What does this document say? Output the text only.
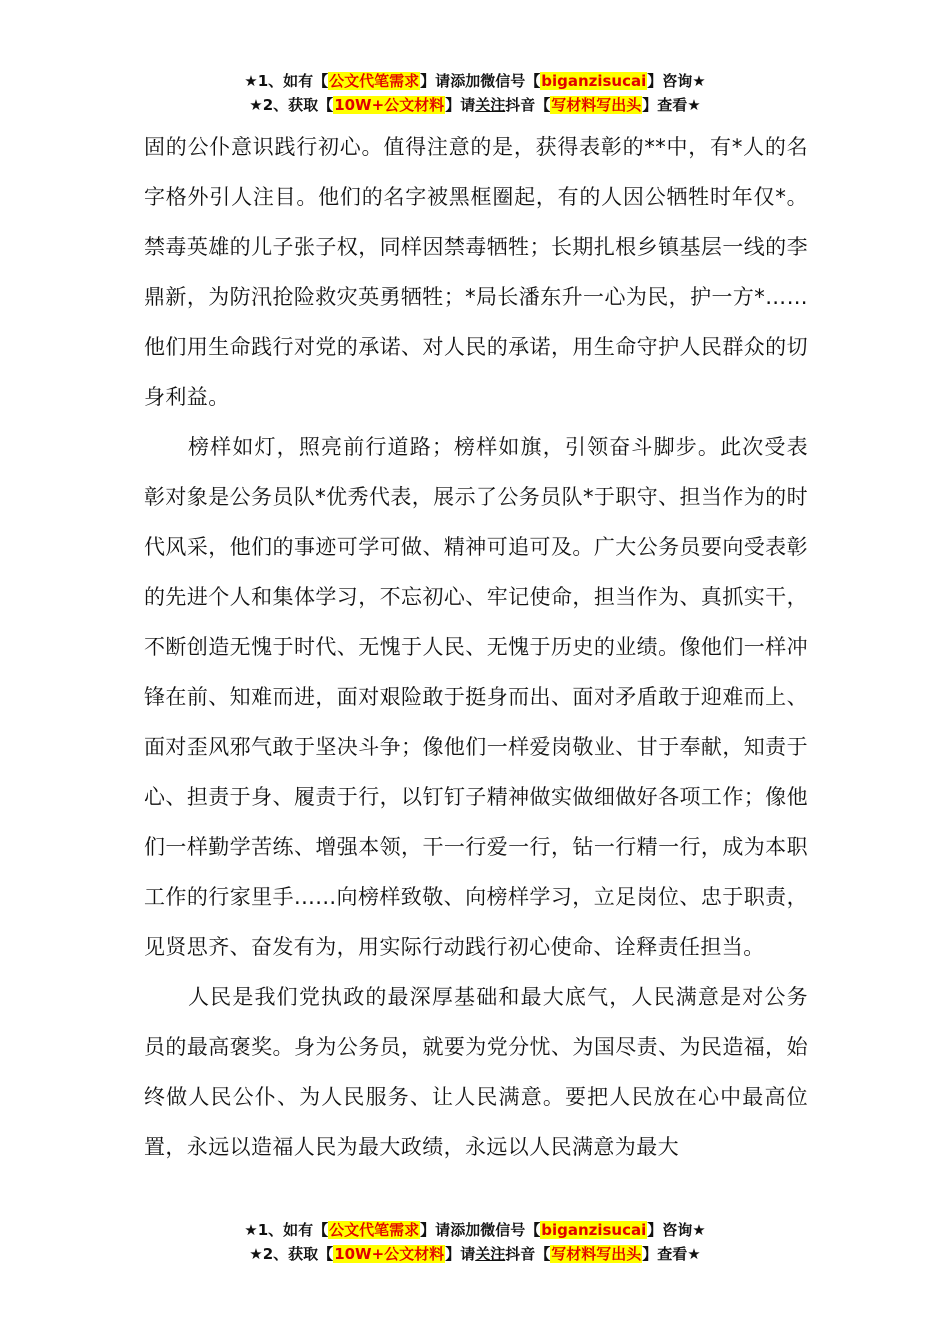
★1、如有【公文代笔需求】请添加微信号【biganzisucai】咨询★
★2、获取【10W+公文材料】请关注抖音【写材料写出头】查看★

固的公仆意识践行初心。值得注意的是，获得表彰的**中，有*人的名字格外引人注目。他们的名字被黑框圈起，有的人因公牺牲时年仅*。禁毒英雄的儿子张子权，同样因禁毒牺牲；长期扎根乡镇基层一线的李鼎新，为防汛抢险救灾英勇牺牲；*局长潘东升一心为民，护一方*……他们用生命践行对党的承诺、对人民的承诺，用生命守护人民群众的切身利益。

榜样如灯，照亮前行道路；榜样如旗，引领奋斗脚步。此次受表彰对象是公务员队*优秀代表，展示了公务员队*于职守、担当作为的时代风采，他们的事迹可学可做、精神可追可及。广大公务员要向受表彰的先进个人和集体学习，不忘初心、牢记使命，担当作为、真抓实干，不断创造无愧于时代、无愧于人民、无愧于历史的业绩。像他们一样冲锋在前、知难而进，面对艰险敢于挺身而出、面对矛盾敢于迎难而上、面对歪风邪气敢于坚决斗争；像他们一样爱岗敬业、甘于奉献，知责于心、担责于身、履责于行，以钉钉子精神做实做细做好各项工作；像他们一样勤学苦练、增强本领，干一行爱一行，钻一行精一行，成为本职工作的行家里手......向榜样致敬、向榜样学习，立足岗位、忠于职责，见贤思齐、奋发有为，用实际行动践行初心使命、诠释责任担当。

人民是我们党执政的最深厚基础和最大底气，人民满意是对公务员的最高褒奖。身为公务员，就要为党分忧、为国尽责、为民造福，始终做人民公仆、为人民服务、让人民满意。要把人民放在心中最高位置，永远以造福人民为最大政绩，永远以人民满意为最大

★1、如有【公文代笔需求】请添加微信号【biganzisucai】咨询★
★2、获取【10W+公文材料】请关注抖音【写材料写出头】查看★
